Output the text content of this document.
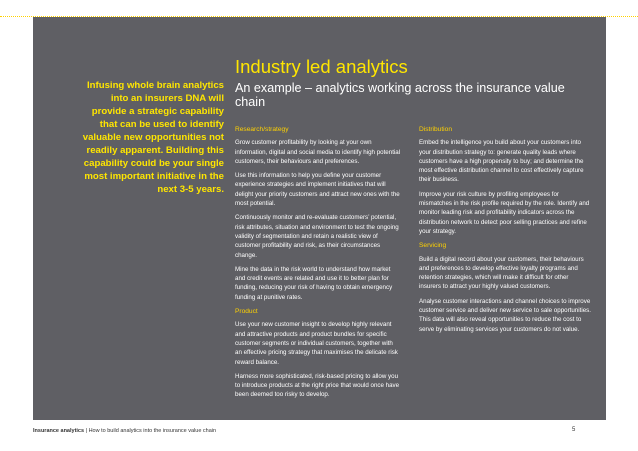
Infusing whole brain analytics into an insurers DNA will provide a strategic capability that can be used to identify valuable new opportunities not readily apparent. Building this capability could be your single most important initiative in the next 3-5 years.
Industry led analytics
An example – analytics working across the insurance value chain
Research/strategy

Grow customer profitability by looking at your own information, digital and social media to identify high potential customers, their behaviours and preferences.

Use this information to help you define your customer experience strategies and implement initiatives that will delight your priority customers and attract new ones with the most potential.

Continuously monitor and re-evaluate customers’ potential, risk attributes, situation and environment to test the ongoing validity of segmentation and retain a realistic view of customer profitability and risk, as their circumstances change.

Mine the data in the risk world to understand how market and credit events are related and use it to better plan for funding, reducing your risk of having to obtain emergency funding at punitive rates.

Product

Use your new customer insight to develop highly relevant and attractive products and product bundles for specific customer segments or individual customers, together with an effective pricing strategy that maximises the delicate risk reward balance.

Harness more sophisticated, risk-based pricing to allow you to introduce products at the right price that would once have been deemed too risky to develop.

Distribution

Embed the intelligence you build about your customers into your distribution strategy to: generate quality leads where customers have a high propensity to buy; and determine the most effective distribution channel to cost effectively capture their business.

Improve your risk culture by profiling employees for mismatches in the risk profile required by the role. Identify and monitor leading risk and profitability indicators across the distribution network to detect poor selling practices and refine your strategy.

Servicing

Build a digital record about your customers, their behaviours and preferences to develop effective loyalty programs and retention strategies, which will make it difficult for other insurers to attract your highly valued customers.

Analyse customer interactions and channel choices to improve customer service and deliver new service to sale opportunities. This data will also reveal opportunities to reduce the cost to serve by eliminating services your customers do not value.

Insurance analytics | How to build analytics into the insurance value chain	5
